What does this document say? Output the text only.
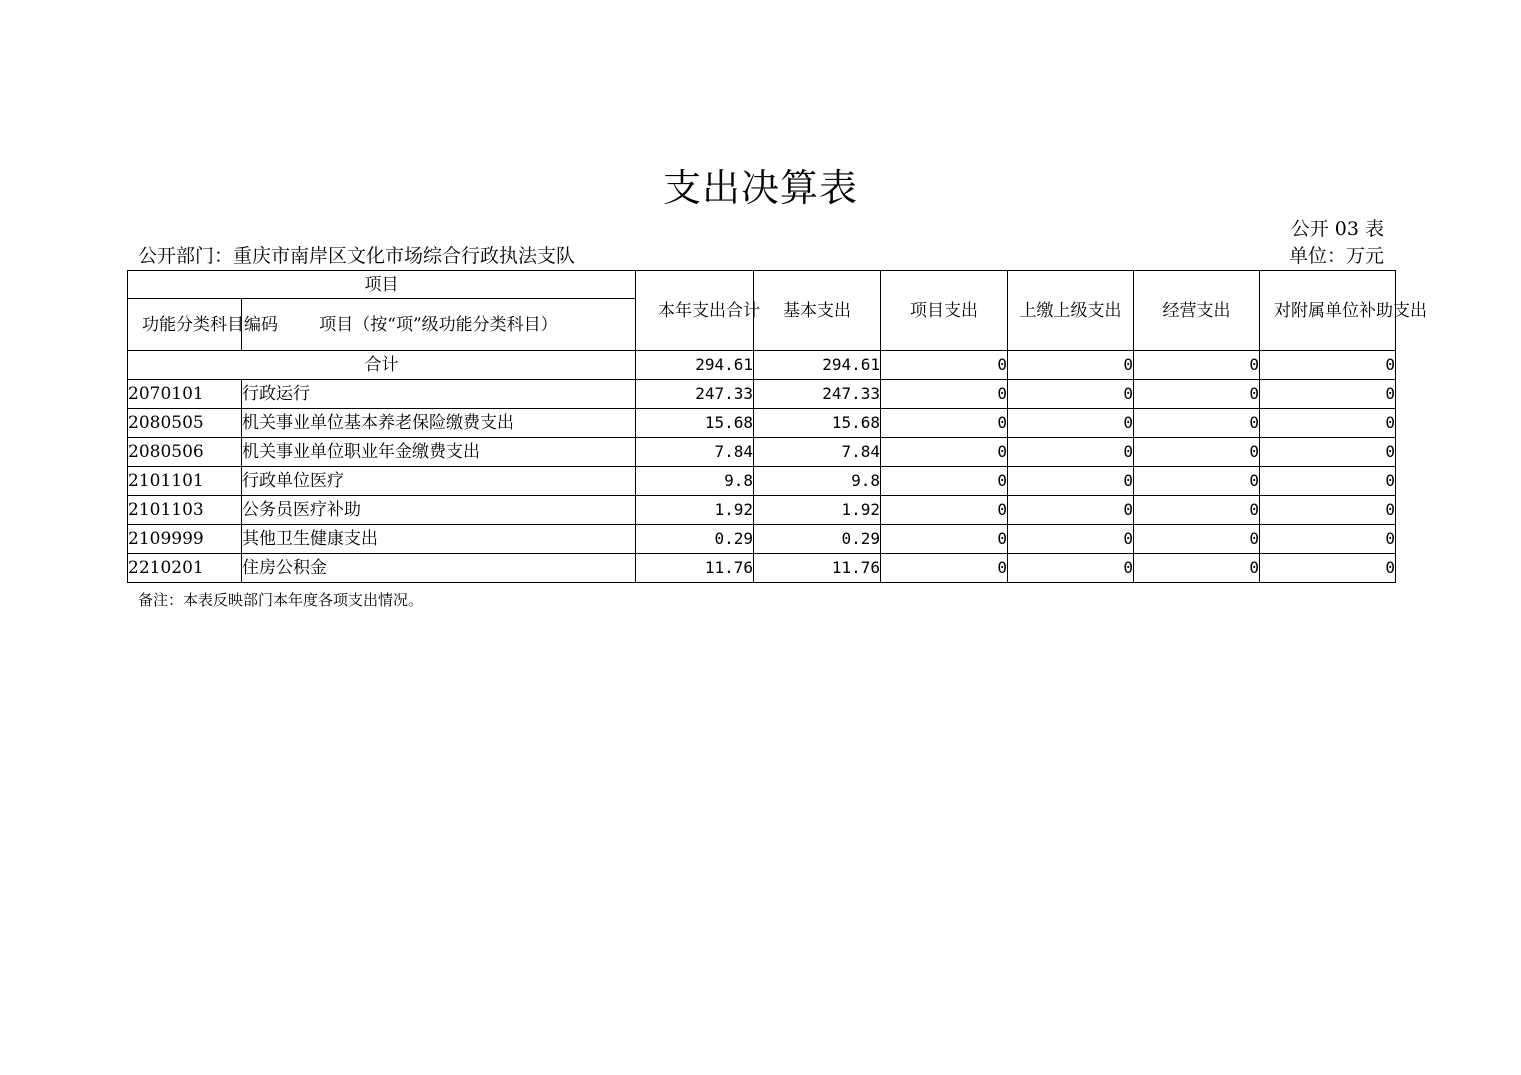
支出决算表
公开 03 表
公开部门：重庆市南岸区文化市场综合行政执法支队	单位：万元
项目		本年支出合计	基本支出	项目支出	上缴上级支出	经营支出	对附属单位补助支出
功能分类科目编码	项目（按“项”级功能分类科目）						
合计		294.61	294.61	0	0	0	0
2070101	行政运行	247.33	247.33	0	0	0	0
2080505	机关事业单位基本养老保险缴费支出	15.68	15.68	0	0	0	0
2080506	机关事业单位职业年金缴费支出	7.84	7.84	0	0	0	0
2101101	行政单位医疗	9.8	9.8	0	0	0	0
2101103	公务员医疗补助	1.92	1.92	0	0	0	0
2109999	其他卫生健康支出	0.29	0.29	0	0	0	0
2210201	住房公积金	11.76	11.76	0	0	0	0
备注：本表反映部门本年度各项支出情况。
